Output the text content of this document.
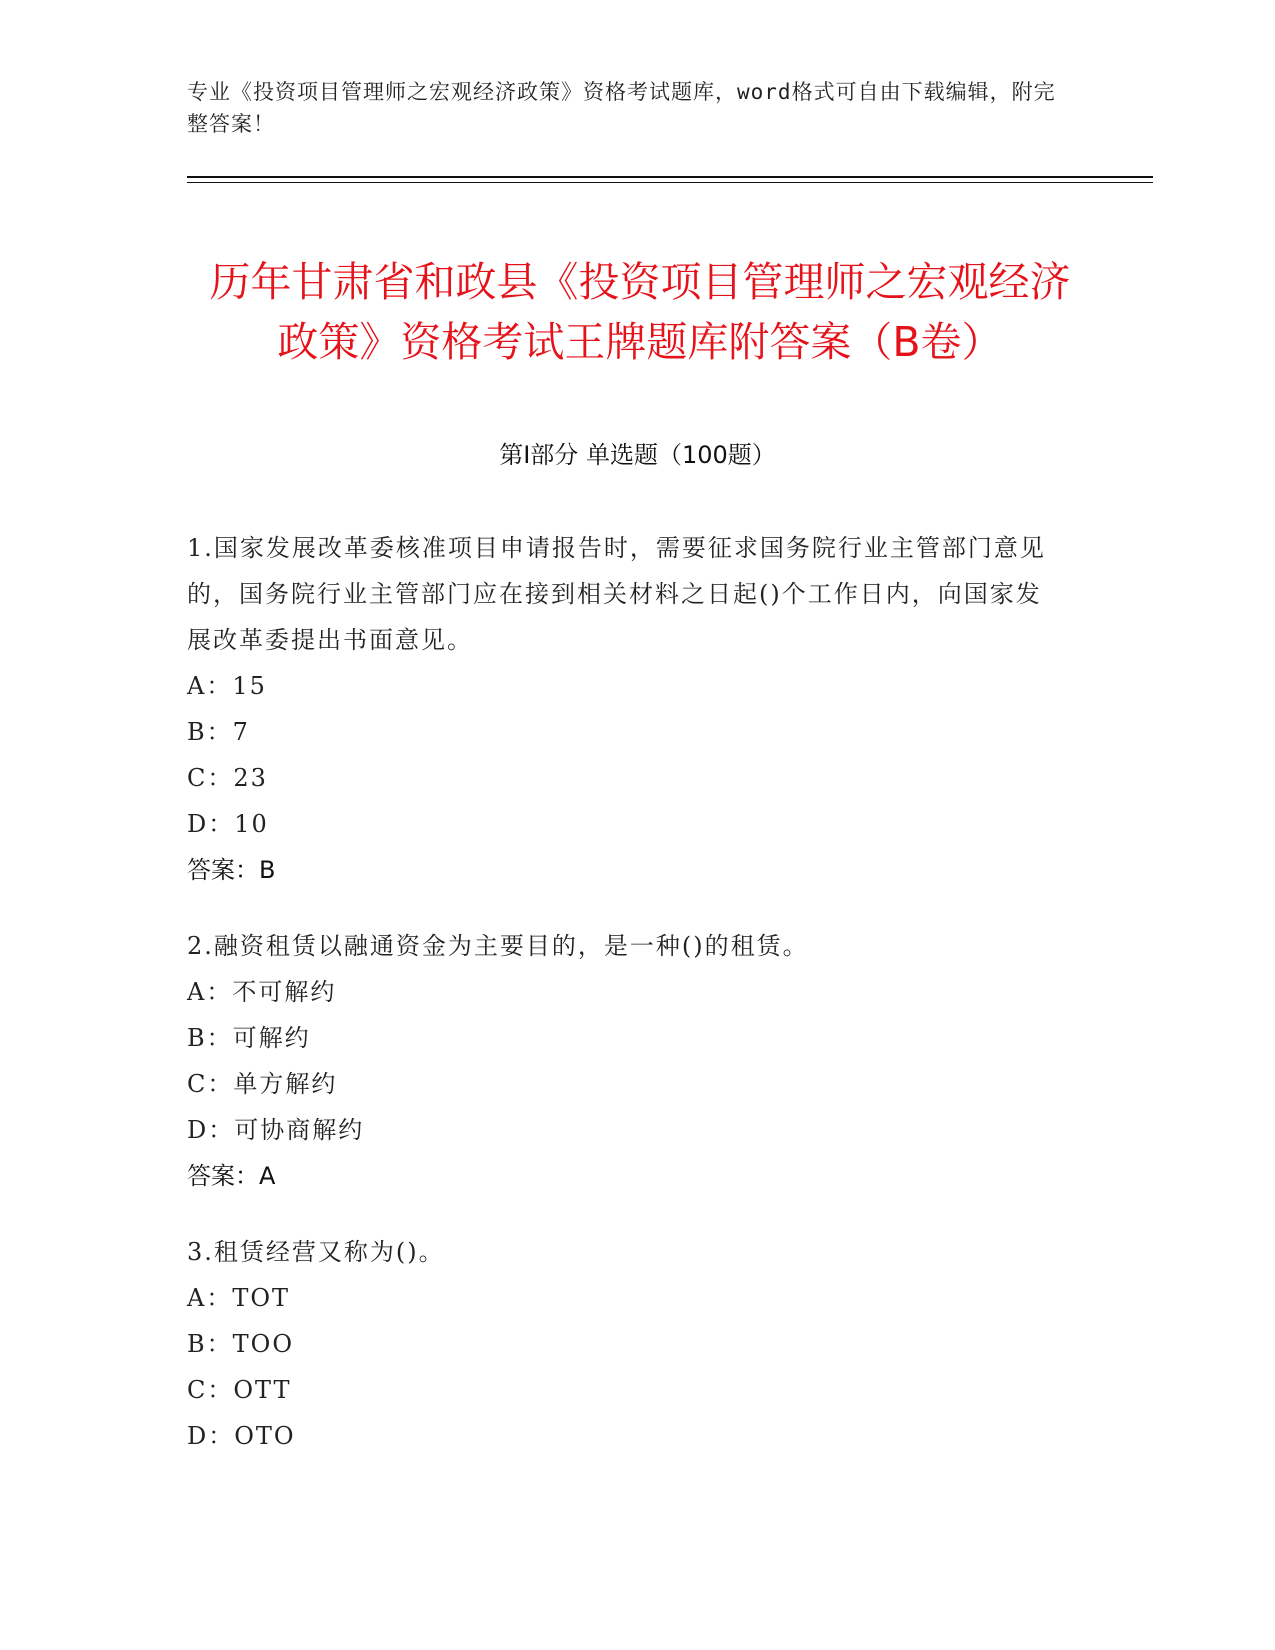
专业《投资项目管理师之宏观经济政策》资格考试题库，word格式可自由下载编辑，附完整答案！
历年甘肃省和政县《投资项目管理师之宏观经济政策》资格考试王牌题库附答案（B卷）
第Ⅰ部分 单选题（100题）
1.国家发展改革委核准项目申请报告时，需要征求国务院行业主管部门意见的，国务院行业主管部门应在接到相关材料之日起()个工作日内，向国家发展改革委提出书面意见。
A：15
B：7
C：23
D：10
答案：B
2.融资租赁以融通资金为主要目的，是一种()的租赁。
A：不可解约
B：可解约
C：单方解约
D：可协商解约
答案：A
3.租赁经营又称为()。
A：TOT
B：TOO
C：OTT
D：OTO
